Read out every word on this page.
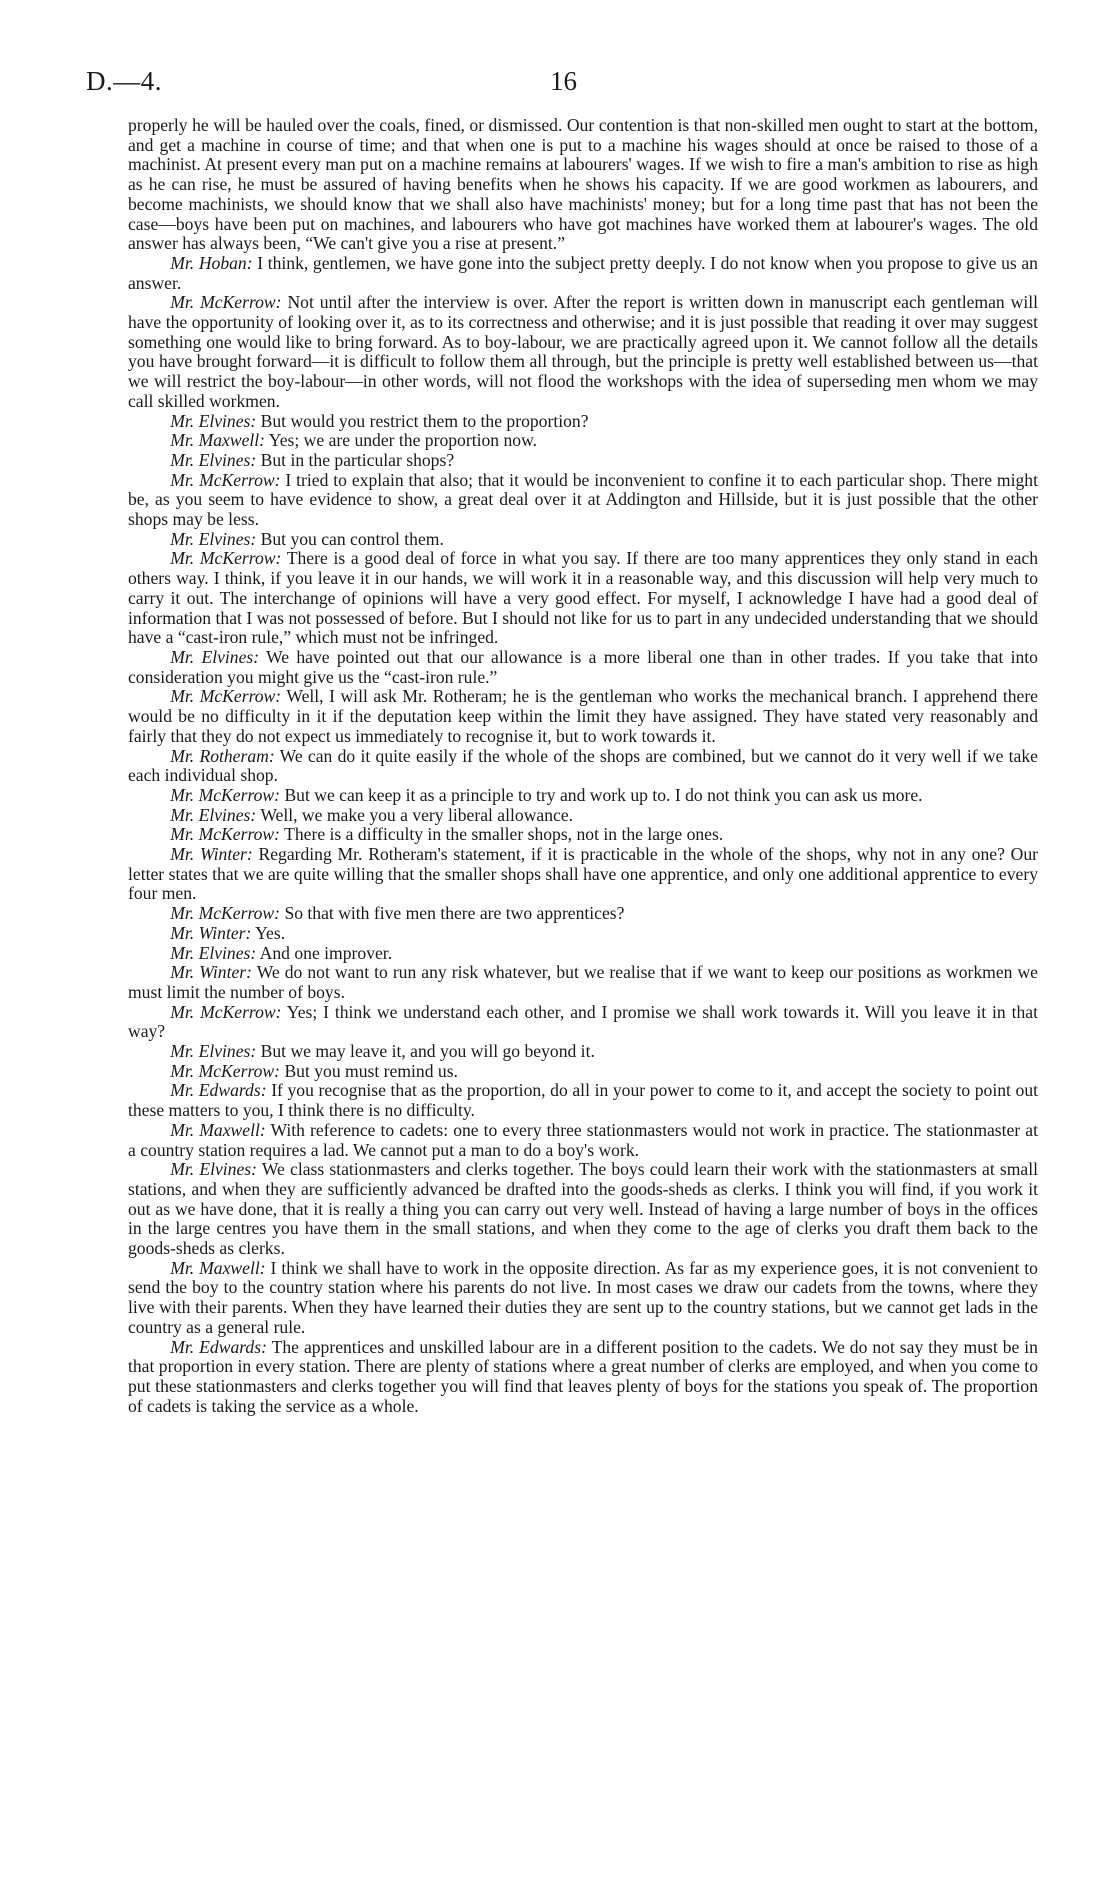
D.—4.	16

properly he will be hauled over the coals, fined, or dismissed. Our contention is that non-skilled men ought to start at the bottom, and get a machine in course of time; and that when one is put to a machine his wages should at once be raised to those of a machinist. At present every man put on a machine remains at labourers' wages. If we wish to fire a man's ambition to rise as high as he can rise, he must be assured of having benefits when he shows his capacity. If we are good workmen as labourers, and become machinists, we should know that we shall also have machinists' money; but for a long time past that has not been the case—boys have been put on machines, and labourers who have got machines have worked them at labourer's wages. The old answer has always been, “We can't give you a rise at present.”

Mr. Hoban: I think, gentlemen, we have gone into the subject pretty deeply. I do not know when you propose to give us an answer.

Mr. McKerrow: Not until after the interview is over. After the report is written down in manuscript each gentleman will have the opportunity of looking over it, as to its correctness and otherwise; and it is just possible that reading it over may suggest something one would like to bring forward. As to boy-labour, we are practically agreed upon it. We cannot follow all the details you have brought forward—it is difficult to follow them all through, but the principle is pretty well established between us—that we will restrict the boy-labour—in other words, will not flood the workshops with the idea of superseding men whom we may call skilled workmen.

Mr. Elvines: But would you restrict them to the proportion?

Mr. Maxwell: Yes; we are under the proportion now.

Mr. Elvines: But in the particular shops?

Mr. McKerrow: I tried to explain that also; that it would be inconvenient to confine it to each particular shop. There might be, as you seem to have evidence to show, a great deal over it at Addington and Hillside, but it is just possible that the other shops may be less.

Mr. Elvines: But you can control them.

Mr. McKerrow: There is a good deal of force in what you say. If there are too many apprentices they only stand in each others way. I think, if you leave it in our hands, we will work it in a reasonable way, and this discussion will help very much to carry it out. The interchange of opinions will have a very good effect. For myself, I acknowledge I have had a good deal of information that I was not possessed of before. But I should not like for us to part in any undecided understanding that we should have a “cast-iron rule,” which must not be infringed.

Mr. Elvines: We have pointed out that our allowance is a more liberal one than in other trades. If you take that into consideration you might give us the “cast-iron rule.”

Mr. McKerrow: Well, I will ask Mr. Rotheram; he is the gentleman who works the mechanical branch. I apprehend there would be no difficulty in it if the deputation keep within the limit they have assigned. They have stated very reasonably and fairly that they do not expect us immediately to recognise it, but to work towards it.

Mr. Rotheram: We can do it quite easily if the whole of the shops are combined, but we cannot do it very well if we take each individual shop.

Mr. McKerrow: But we can keep it as a principle to try and work up to. I do not think you can ask us more.

Mr. Elvines: Well, we make you a very liberal allowance.

Mr. McKerrow: There is a difficulty in the smaller shops, not in the large ones.

Mr. Winter: Regarding Mr. Rotheram's statement, if it is practicable in the whole of the shops, why not in any one? Our letter states that we are quite willing that the smaller shops shall have one apprentice, and only one additional apprentice to every four men.

Mr. McKerrow: So that with five men there are two apprentices?

Mr. Winter: Yes.

Mr. Elvines: And one improver.

Mr. Winter: We do not want to run any risk whatever, but we realise that if we want to keep our positions as workmen we must limit the number of boys.

Mr. McKerrow: Yes; I think we understand each other, and I promise we shall work towards it. Will you leave it in that way?

Mr. Elvines: But we may leave it, and you will go beyond it.

Mr. McKerrow: But you must remind us.

Mr. Edwards: If you recognise that as the proportion, do all in your power to come to it, and accept the society to point out these matters to you, I think there is no difficulty.

Mr. Maxwell: With reference to cadets: one to every three stationmasters would not work in practice. The stationmaster at a country station requires a lad. We cannot put a man to do a boy's work.

Mr. Elvines: We class stationmasters and clerks together. The boys could learn their work with the stationmasters at small stations, and when they are sufficiently advanced be drafted into the goods-sheds as clerks. I think you will find, if you work it out as we have done, that it is really a thing you can carry out very well. Instead of having a large number of boys in the offices in the large centres you have them in the small stations, and when they come to the age of clerks you draft them back to the goods-sheds as clerks.

Mr. Maxwell: I think we shall have to work in the opposite direction. As far as my experience goes, it is not convenient to send the boy to the country station where his parents do not live. In most cases we draw our cadets from the towns, where they live with their parents. When they have learned their duties they are sent up to the country stations, but we cannot get lads in the country as a general rule.

Mr. Edwards: The apprentices and unskilled labour are in a different position to the cadets. We do not say they must be in that proportion in every station. There are plenty of stations where a great number of clerks are employed, and when you come to put these stationmasters and clerks together you will find that leaves plenty of boys for the stations you speak of. The proportion of cadets is taking the service as a whole.
